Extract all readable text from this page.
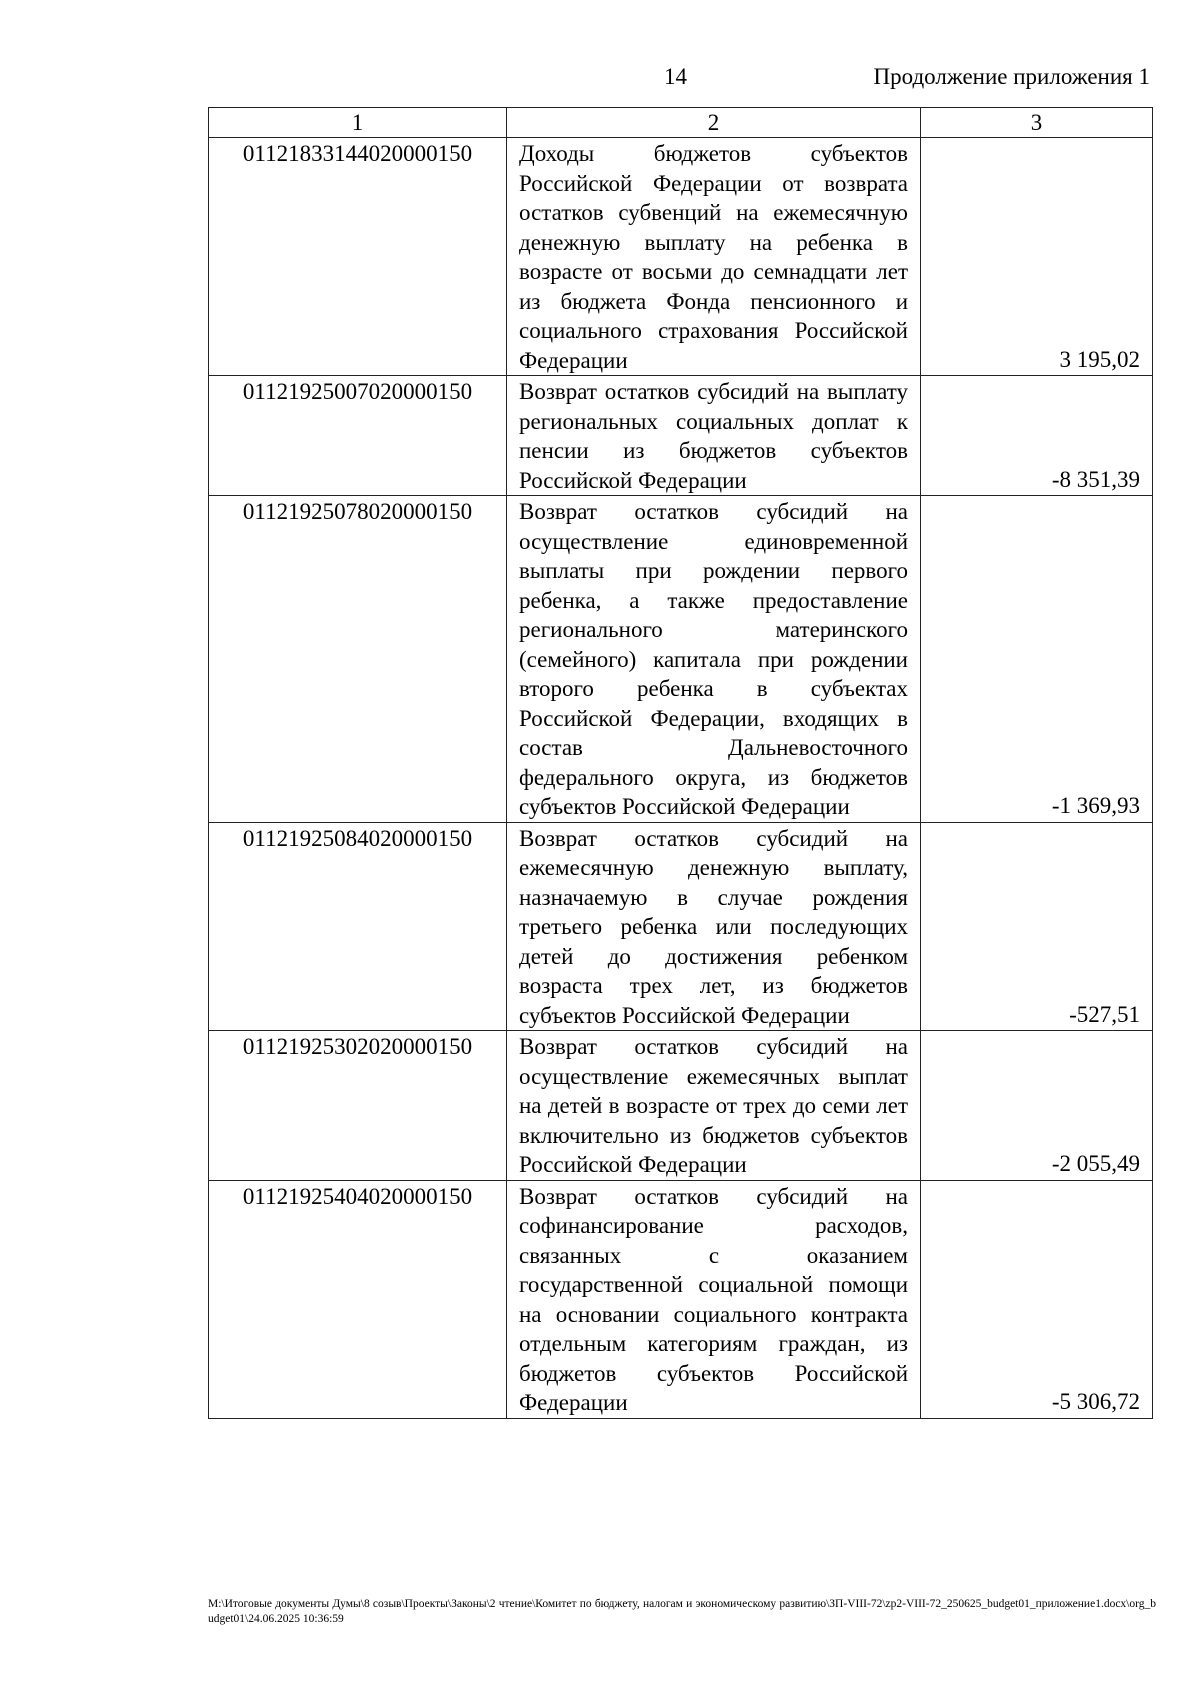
14	Продолжение приложения 1
1	2	3
01121833144020000150	Доходы бюджетов субъектов Российской Федерации от возврата остатков субвенций на ежемесячную денежную выплату на ребенка в возрасте от восьми до семнадцати лет из бюджета Фонда пенсионного и социального страхования Российской Федерации	3 195,02
01121925007020000150	Возврат остатков субсидий на выплату региональных социальных доплат к пенсии из бюджетов субъектов Российской Федерации	-8 351,39
01121925078020000150	Возврат остатков субсидий на осуществление единовременной выплаты при рождении первого ребенка, а также предоставление регионального материнского (семейного) капитала при рождении второго ребенка в субъектах Российской Федерации, входящих в состав Дальневосточного федерального округа, из бюджетов субъектов Российской Федерации	-1 369,93
01121925084020000150	Возврат остатков субсидий на ежемесячную денежную выплату, назначаемую в случае рождения третьего ребенка или последующих детей до достижения ребенком возраста трех лет, из бюджетов субъектов Российской Федерации	-527,51
01121925302020000150	Возврат остатков субсидий на осуществление ежемесячных выплат на детей в возрасте от трех до семи лет включительно из бюджетов субъектов Российской Федерации	-2 055,49
01121925404020000150	Возврат остатков субсидий на софинансирование расходов, связанных с оказанием государственной социальной помощи на основании социального контракта отдельным категориям граждан, из бюджетов субъектов Российской Федерации	-5 306,72
M:\Итоговые документы Думы\8 созыв\Проекты\Законы\2 чтение\Комитет по бюджету, налогам и экономическому развитию\ЗП-VIII-72\zp2-VIII-72_250625_budget01_приложение1.docx\org_budget01\24.06.2025 10:36:59
